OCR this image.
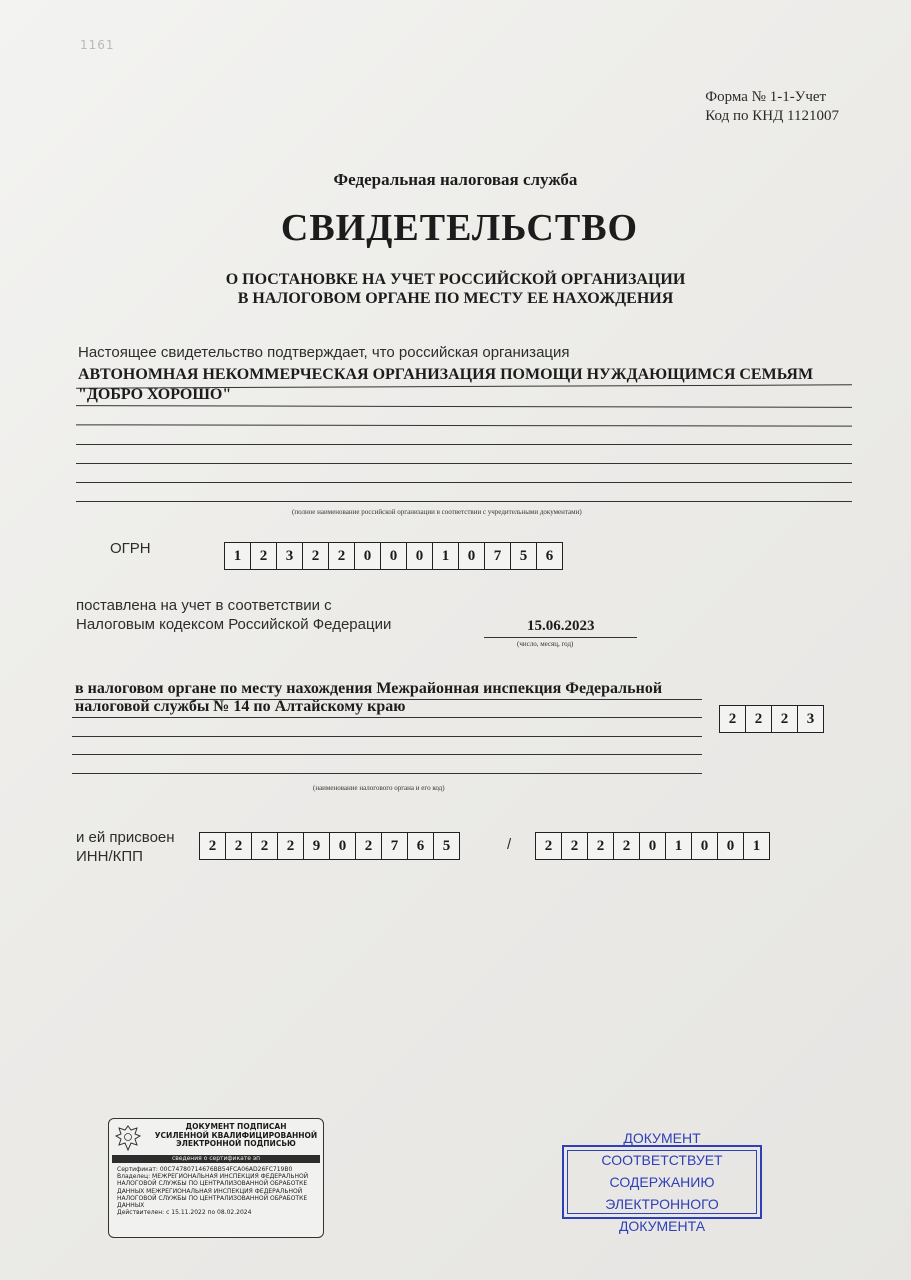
1161
Форма № 1-1-Учет
Код по КНД 1121007
Федеральная налоговая служба
СВИДЕТЕЛЬСТВО
О ПОСТАНОВКЕ НА УЧЕТ РОССИЙСКОЙ ОРГАНИЗАЦИИ
В НАЛОГОВОМ ОРГАНЕ ПО МЕСТУ ЕЕ НАХОЖДЕНИЯ
Настоящее свидетельство подтверждает, что российская организация
АВТОНОМНАЯ НЕКОММЕРЧЕСКАЯ ОРГАНИЗАЦИЯ ПОМОЩИ НУЖДАЮЩИМСЯ СЕМЬЯМ
"ДОБРО ХОРОШО"
(полное наименование российской организации в соответствии с учредительными документами)
ОГРН	1	2	3	2	2	0	0	0	1	0	7	5	6
поставлена на учет в соответствии с
Налоговым кодексом Российской Федерации	15.06.2023
(число, месяц, год)
в налоговом органе по месту нахождения Межрайонная инспекция Федеральной
налоговой службы № 14 по Алтайскому краю
2	2	2	3
(наименование налогового органа и его код)
и ей присвоен
ИНН/КПП
2	2	2	2	9	0	2	7	6	5	/	2	2	2	2	0	1	0	0	1
ДОКУМЕНТ ПОДПИСАН
УСИЛЕННОЙ КВАЛИФИЦИРОВАННОЙ
ЭЛЕКТРОННОЙ ПОДПИСЬЮ
сведения о сертификате эп
Сертификат: 00C74780714676BB54FCA06AD26FC719B0
Владелец: МЕЖРЕГИОНАЛЬНАЯ ИНСПЕКЦИЯ ФЕДЕРАЛЬНОЙ НАЛОГОВОЙ СЛУЖБЫ ПО ЦЕНТРАЛИЗОВАННОЙ ОБРАБОТКЕ ДАННЫХ МЕЖРЕГИОНАЛЬНАЯ ИНСПЕКЦИЯ ФЕДЕРАЛЬНОЙ НАЛОГОВОЙ СЛУЖБЫ ПО ЦЕНТРАЛИЗОВАННОЙ ОБРАБОТКЕ ДАННЫХ
Действителен: с 15.11.2022 по 08.02.2024
ДОКУМЕНТ СООТВЕТСТВУЕТ
СОДЕРЖАНИЮ
ЭЛЕКТРОННОГО ДОКУМЕНТА
